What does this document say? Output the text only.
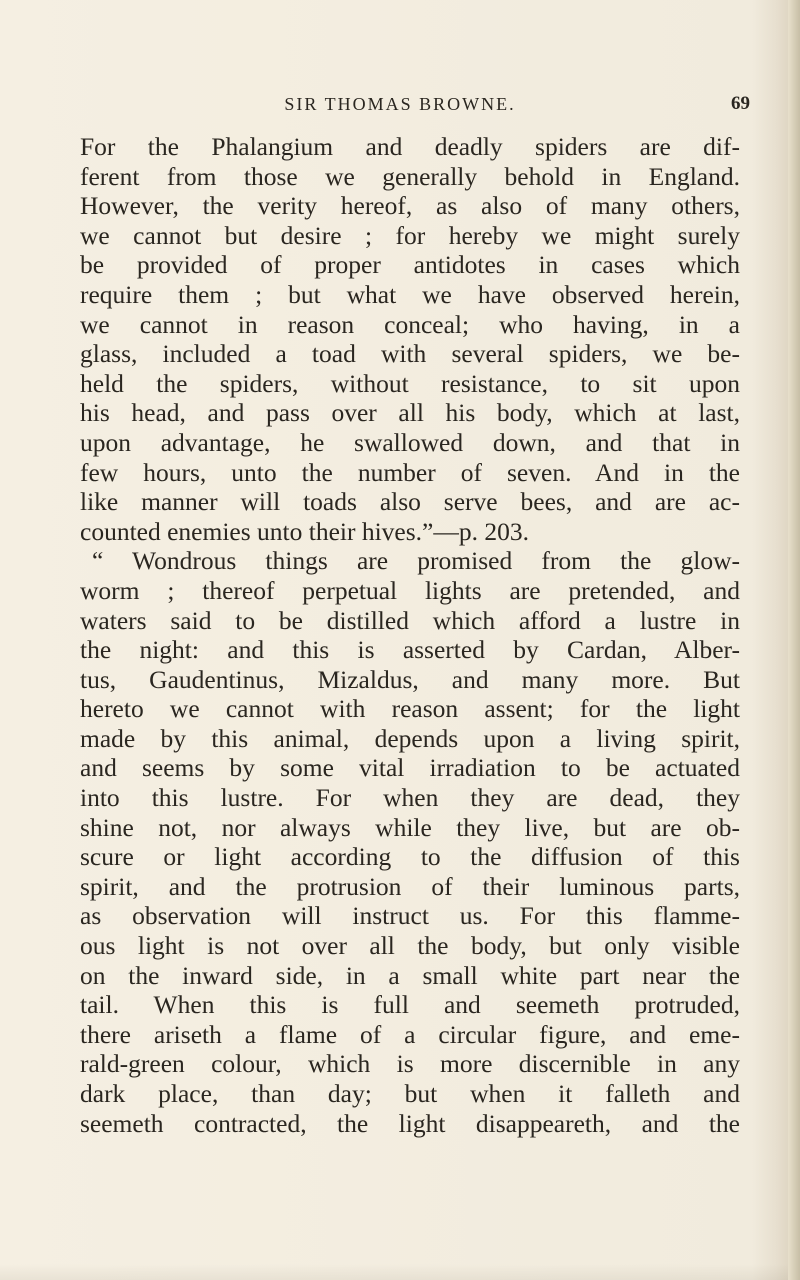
SIR THOMAS BROWNE.	69
For the Phalangium and deadly spiders are dif-
ferent from those we generally behold in England.
However, the verity hereof, as also of many others,
we cannot but desire ; for hereby we might surely
be provided of proper antidotes in cases which
require them ; but what we have observed herein,
we cannot in reason conceal; who having, in a
glass, included a toad with several spiders, we be-
held the spiders, without resistance, to sit upon
his head, and pass over all his body, which at last,
upon advantage, he swallowed down, and that in
few hours, unto the number of seven. And in the
like manner will toads also serve bees, and are ac-
counted enemies unto their hives.”—p. 203.
“ Wondrous things are promised from the glow-
worm ; thereof perpetual lights are pretended, and
waters said to be distilled which afford a lustre in
the night: and this is asserted by Cardan, Alber-
tus, Gaudentinus, Mizaldus, and many more. But
hereto we cannot with reason assent; for the light
made by this animal, depends upon a living spirit,
and seems by some vital irradiation to be actuated
into this lustre. For when they are dead, they
shine not, nor always while they live, but are ob-
scure or light according to the diffusion of this
spirit, and the protrusion of their luminous parts,
as observation will instruct us. For this flamme-
ous light is not over all the body, but only visible
on the inward side, in a small white part near the
tail. When this is full and seemeth protruded,
there ariseth a flame of a circular figure, and eme-
rald-green colour, which is more discernible in any
dark place, than day; but when it falleth and
seemeth contracted, the light disappeareth, and the
